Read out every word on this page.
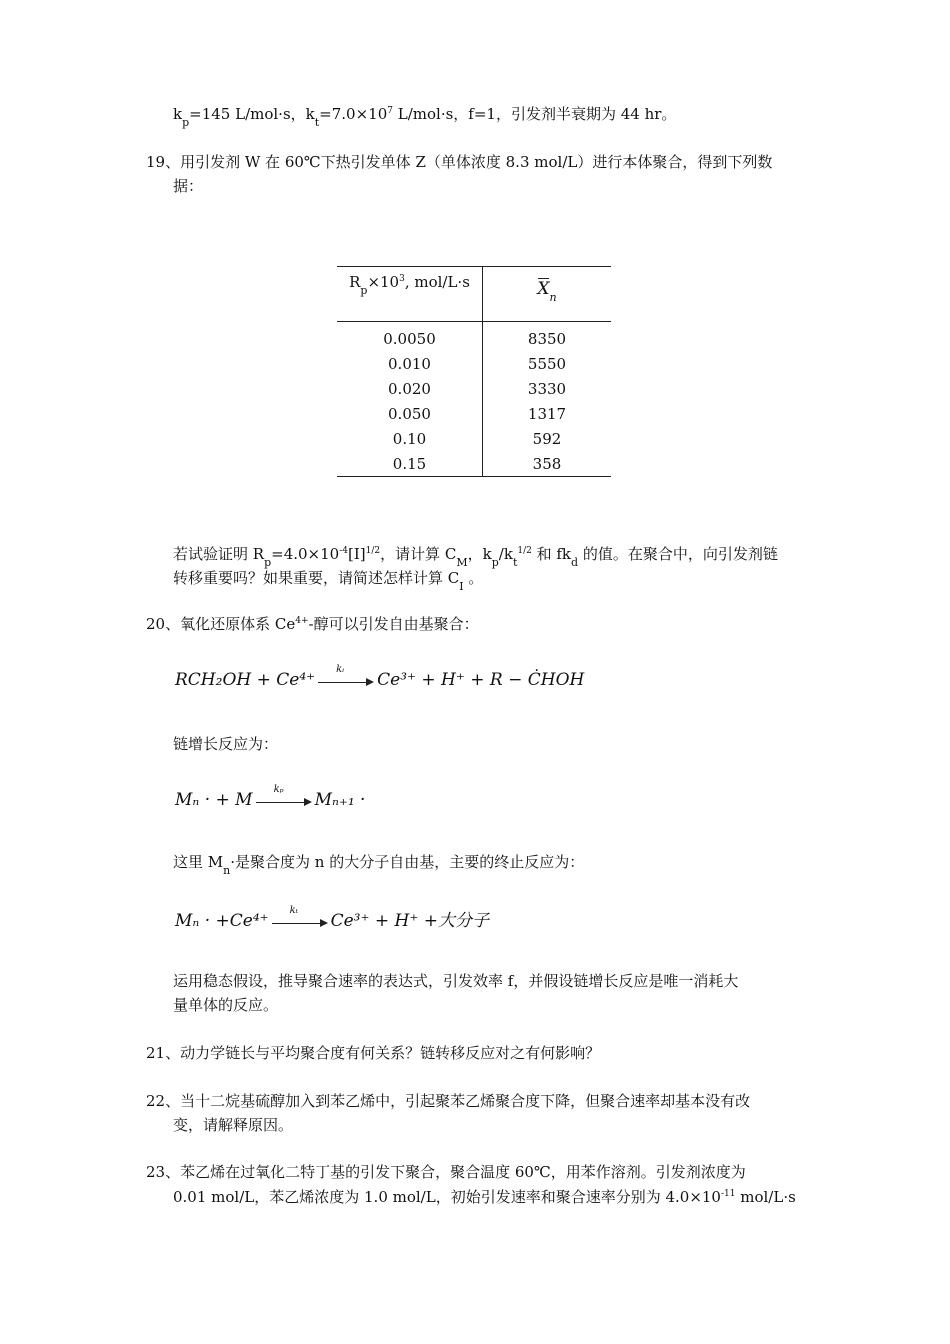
$k_p=145$ L/mol·s，$k_t=7.0\times 10^7$ L/mol·s，f=1，引发剂半衰期为 44 hr。
19、用引发剂 W 在 60℃下热引发单体 Z（单体浓度 8.3 mol/L）进行本体聚合，得到下列数
据：
$R_p\times 10^3$, mol/L·s	$X_n$
0.0050	8350
0.010	5550
0.020	3330
0.050	1317
0.10	592
0.15	358
若试验证明 $R_p=4.0\times 10^{-4}[I]^{1/2}$，请计算 $C_M$，$k_p/k_t^{1/2}$ 和 $fk_d$ 的值。在聚合中，向引发剂链
转移重要吗？如果重要，请简述怎样计算 $C_I$ 。
20、氧化还原体系 $Ce^{4+}-$醇可以引发自由基聚合：
RCH₂OH + Ce⁴⁺
kᵢ
Ce³⁺ + H⁺ + R − ĊHOH
链增长反应为：
Mₙ · + M
kₚ
Mₙ₊₁ ·
这里 $M_n\cdot$是聚合度为 n 的大分子自由基，主要的终止反应为：
Mₙ · +Ce⁴⁺
kₜ
Ce³⁺ + H⁺ +大分子
运用稳态假设，推导聚合速率的表达式，引发效率 f，并假设链增长反应是唯一消耗大
量单体的反应。
21、动力学链长与平均聚合度有何关系？链转移反应对之有何影响？
22、当十二烷基硫醇加入到苯乙烯中，引起聚苯乙烯聚合度下降，但聚合速率却基本没有改
变，请解释原因。
23、苯乙烯在过氧化二特丁基的引发下聚合，聚合温度 60℃，用苯作溶剂。引发剂浓度为
0.01 mol/L，苯乙烯浓度为 1.0 mol/L，初始引发速率和聚合速率分别为 $4.0\times 10^{-11}$ mol/L·s
